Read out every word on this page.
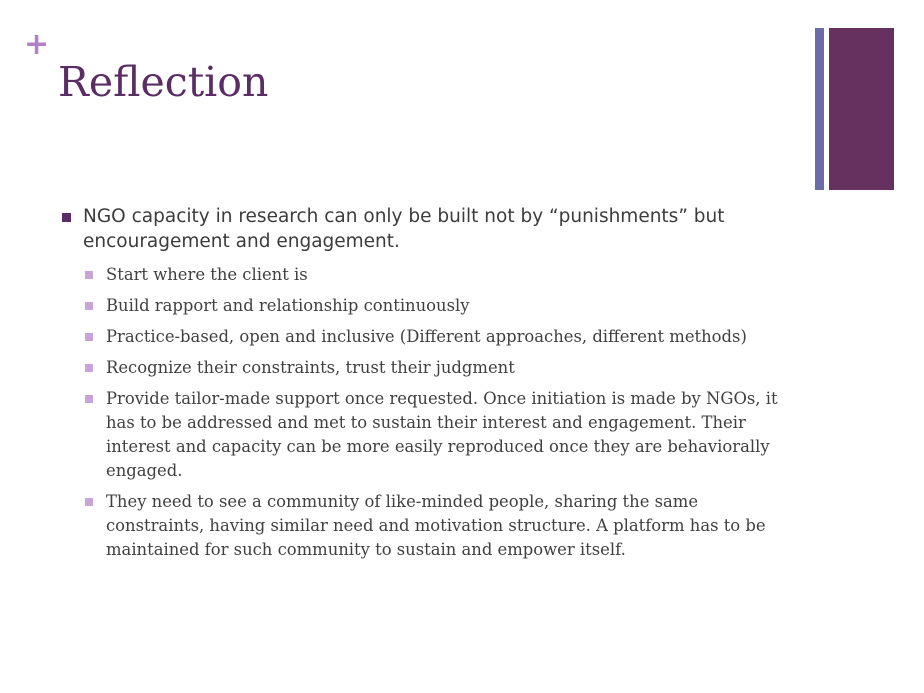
+
Reflection
NGO capacity in research can only be built not by “punishments” but encouragement and engagement.
Start where the client is
Build rapport and relationship continuously
Practice-based, open and inclusive (Different approaches, different methods)
Recognize their constraints, trust their judgment
Provide tailor-made support once requested. Once initiation is made by NGOs, it has to be addressed and met to sustain their interest and engagement. Their interest and capacity can be more easily reproduced once they are behaviorally engaged.
They need to see a community of like-minded people, sharing the same constraints, having similar need and motivation structure. A platform has to be maintained for such community to sustain and empower itself.
